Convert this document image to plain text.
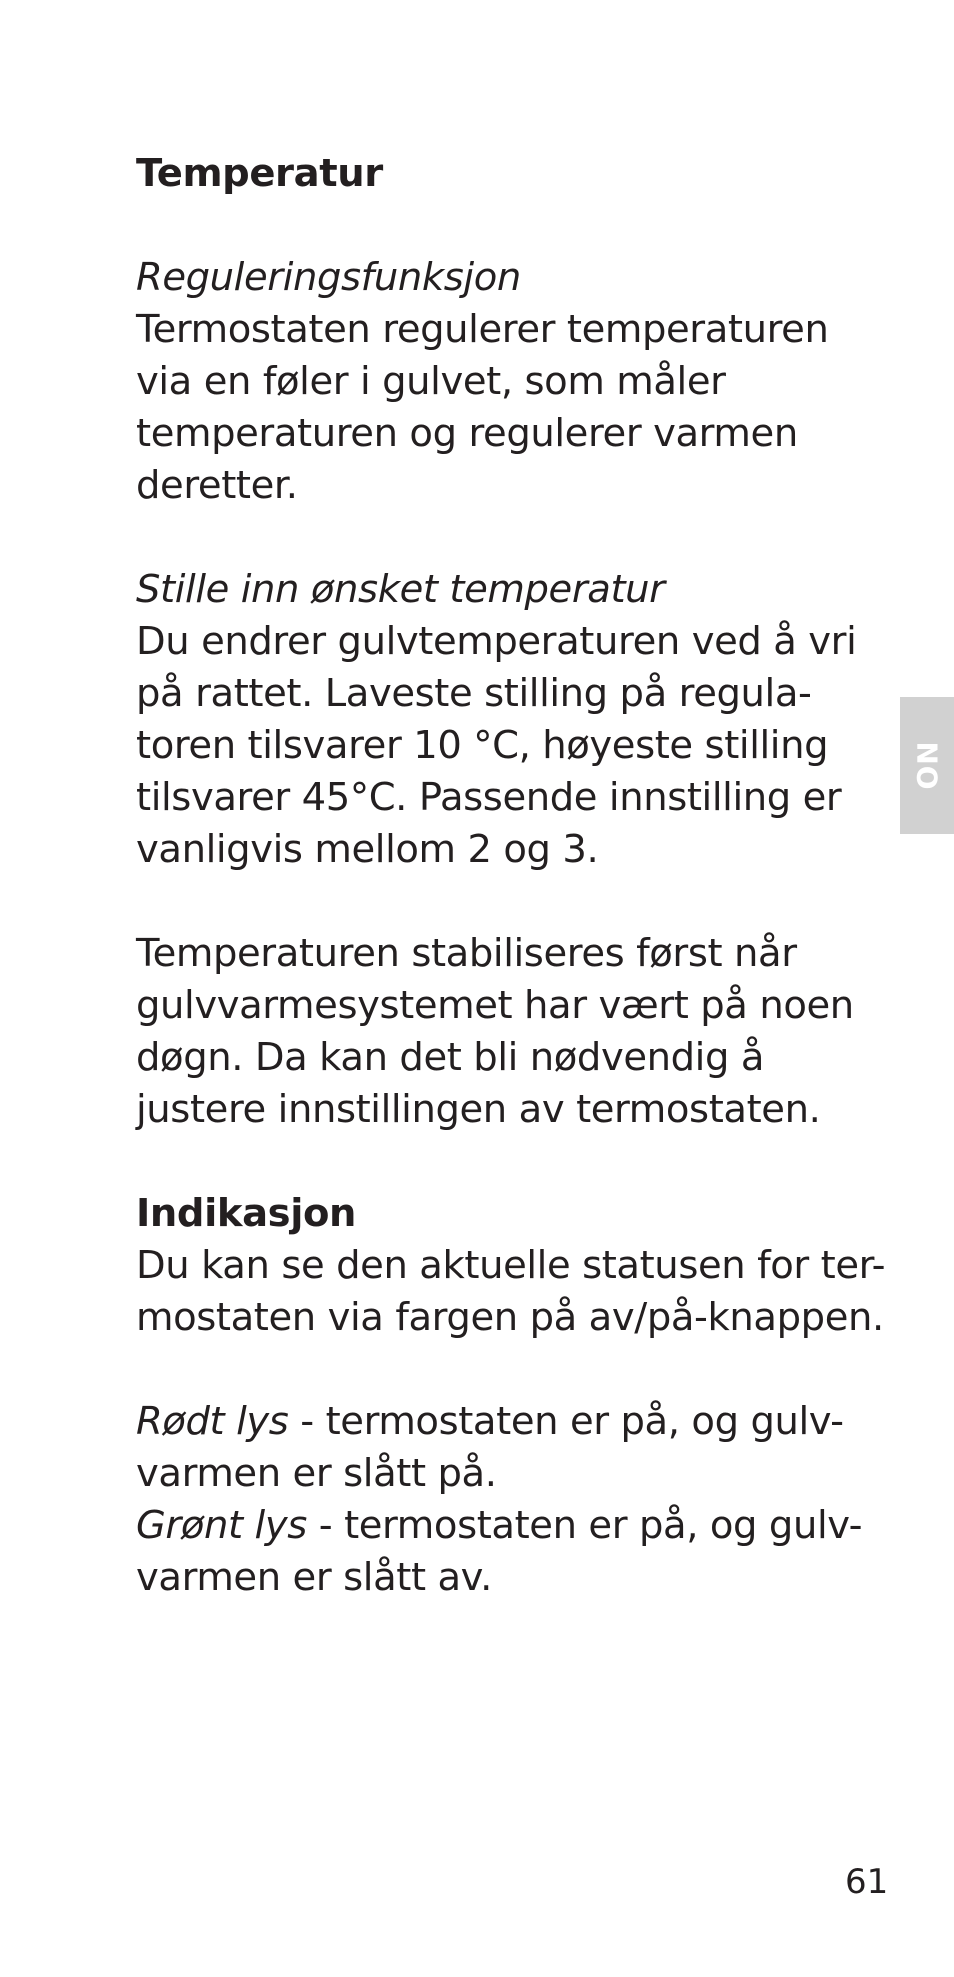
Temperatur
Reguleringsfunksjon
Termostaten regulerer temperaturen
via en føler i gulvet, som måler
temperaturen og regulerer varmen
deretter.
Stille inn ønsket temperatur
Du endrer gulvtemperaturen ved å vri
på rattet. Laveste stilling på regula-
toren tilsvarer 10 °C, høyeste stilling
tilsvarer 45°C. Passende innstilling er
vanligvis mellom 2 og 3.
Temperaturen stabiliseres først når
gulvvarmesystemet har vært på noen
døgn. Da kan det bli nødvendig å
justere innstillingen av termostaten.
Indikasjon
Du kan se den aktuelle statusen for ter-
mostaten via fargen på av/på-knappen.
Rødt lys - termostaten er på, og gulv-
varmen er slått på.
Grønt lys - termostaten er på, og gulv-
varmen er slått av.
NO
61
